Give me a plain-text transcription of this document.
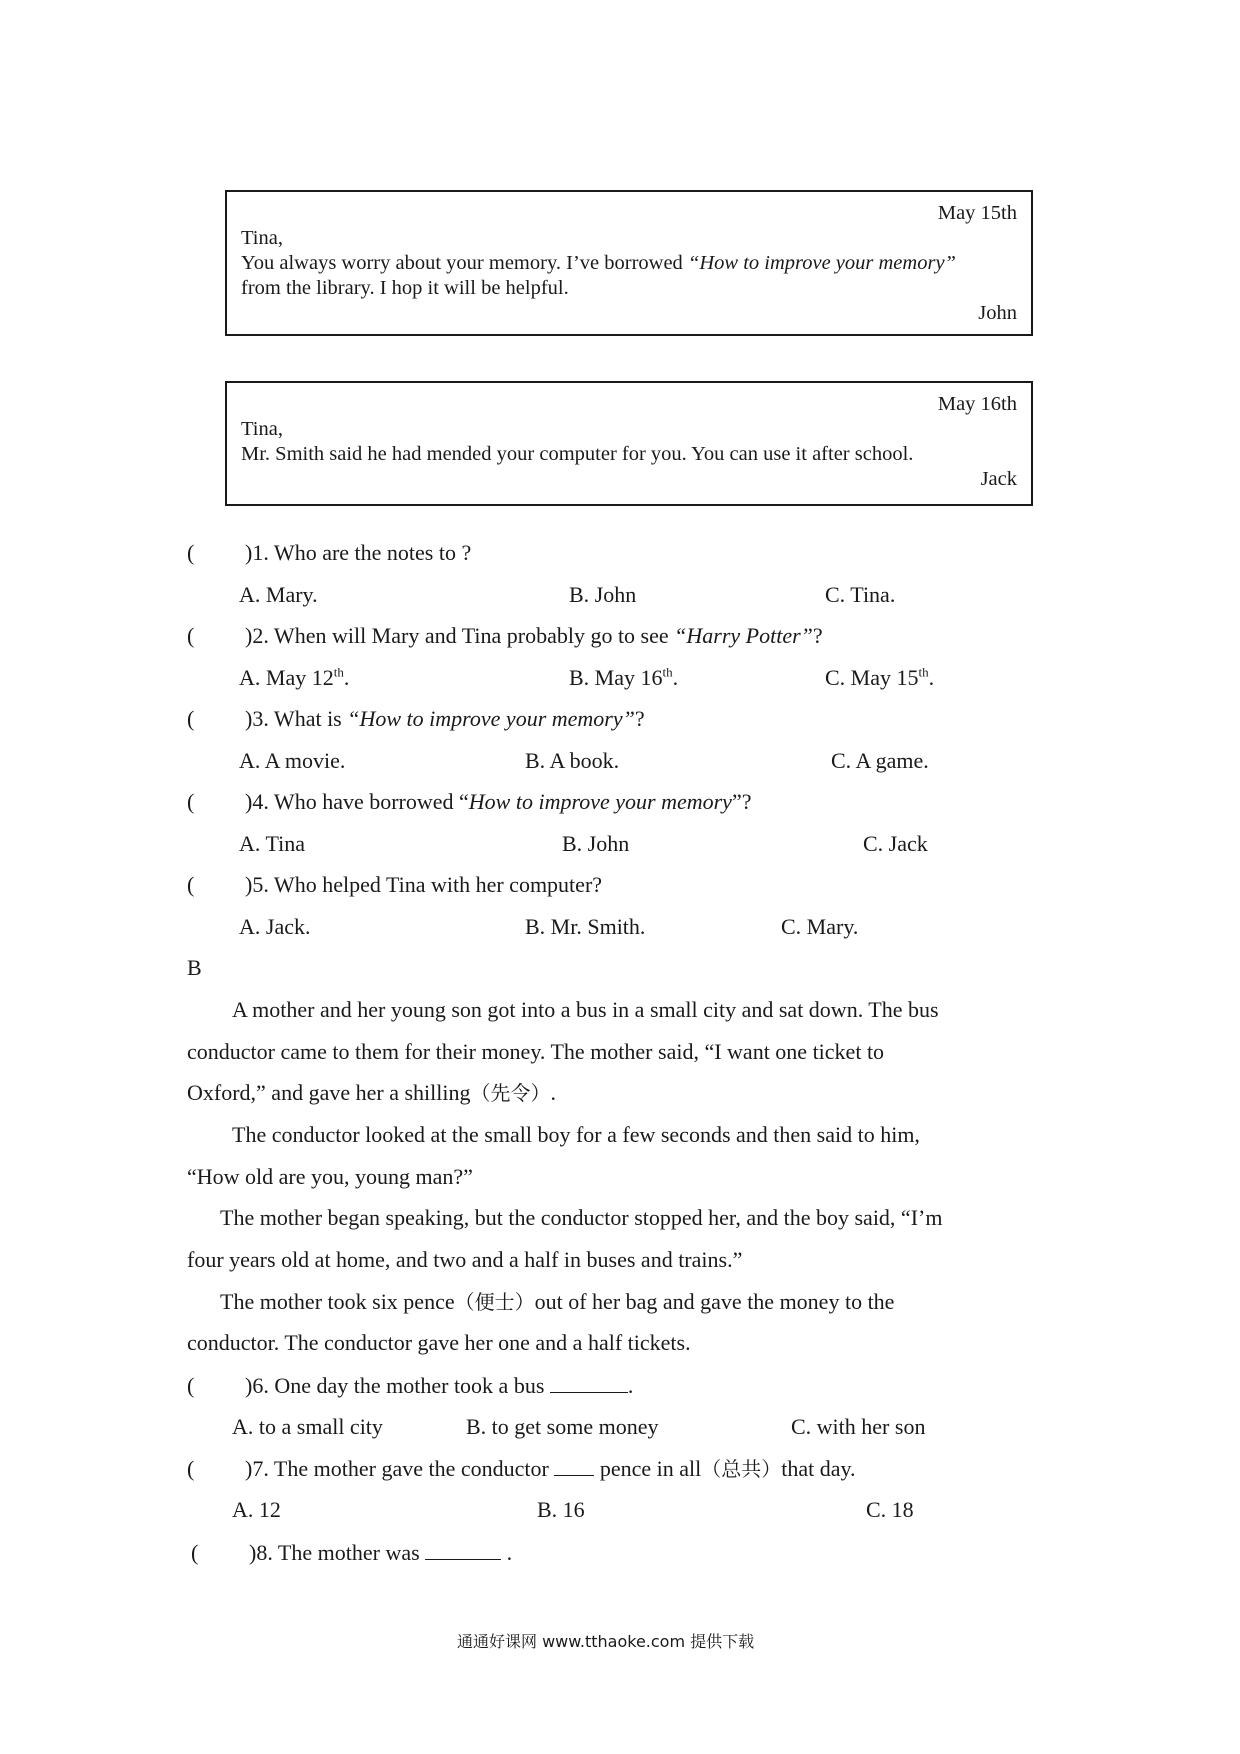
May 15th
Tina,
You always worry about your memory. I’ve borrowed “How to improve your memory”
from the library. I hop it will be helpful.
John
May 16th
Tina,
Mr. Smith said he had mended your computer for you. You can use it after school.
Jack
( )1. Who are the notes to ?
A. Mary.	B. John	C. Tina.
( )2. When will Mary and Tina probably go to see “Harry Potter”?
A. May 12th.	B. May 16th.	C. May 15th.
( )3. What is “How to improve your memory”?
A. A movie.	B. A book.	C. A game.
( )4. Who have borrowed “How to improve your memory”?
A. Tina	B. John	C. Jack
( )5. Who helped Tina with her computer?
A. Jack.	B. Mr. Smith.	C. Mary.
B
A mother and her young son got into a bus in a small city and sat down. The bus
conductor came to them for their money. The mother said, “I want one ticket to
Oxford,” and gave her a shilling（先令）.
The conductor looked at the small boy for a few seconds and then said to him,
“How old are you, young man?”
The mother began speaking, but the conductor stopped her, and the boy said, “I’m
four years old at home, and two and a half in buses and trains.”
The mother took six pence（便士）out of her bag and gave the money to the
conductor. The conductor gave her one and a half tickets.
( )6. One day the mother took a bus	.
A. to a small city	B. to get some money	C. with her son
( )7. The mother gave the conductor  pence in all（总共）that day.
A. 12	B. 16	C. 18
( )8. The mother was	.
通通好课网 www.tthaoke.com 提供下载
